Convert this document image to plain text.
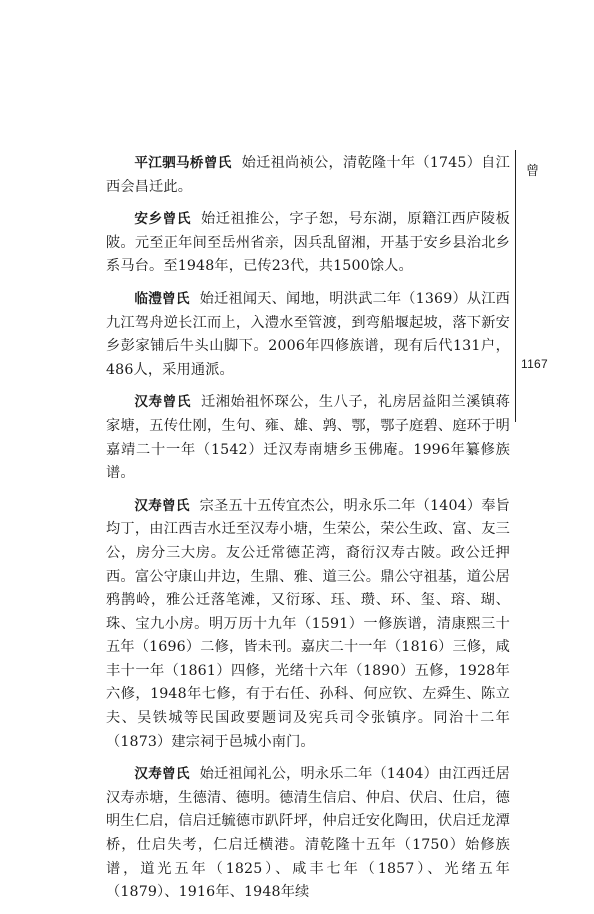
平江驷马桥曾氏 始迁祖尚祯公，清乾隆十年（1745）自江西会昌迁此。

安乡曾氏 始迁祖推公，字子恕，号东湖，原籍江西庐陵板陂。元至正年间至岳州省亲，因兵乱留湘，开基于安乡县治北乡系马台。至1948年，已传23代，共1500馀人。

临澧曾氏 始迁祖闻天、闻地，明洪武二年（1369）从江西九江驾舟逆长江而上，入澧水至管渡，到弯船堰起坡，落下新安乡彭家铺后牛头山脚下。2006年四修族谱，现有后代131户，486人，采用通派。

汉寿曾氏 迁湘始祖怀琛公，生八子，礼房居益阳兰溪镇蒋家塘，五传仕刚，生句、雍、雄、鹑、鄂，鄂子庭碧、庭环于明嘉靖二十一年（1542）迁汉寿南塘乡玉佛庵。1996年纂修族谱。

汉寿曾氏 宗圣五十五传宜杰公，明永乐二年（1404）奉旨均丁，由江西吉水迁至汉寿小塘，生荣公，荣公生政、富、友三公，房分三大房。友公迁常德芷湾，裔衍汉寿古陂。政公迁押西。富公守康山井边，生鼎、雅、道三公。鼎公守祖基，道公居鸦鹊岭，雅公迁落笔滩，又衍琢、珏、瓒、环、玺、瑢、瑚、珠、宝九小房。明万历十九年（1591）一修族谱，清康熙三十五年（1696）二修，皆未刊。嘉庆二十一年（1816）三修，咸丰十一年（1861）四修，光绪十六年（1890）五修，1928年六修，1948年七修，有于右任、孙科、何应钦、左舜生、陈立夫、吴铁城等民国政要题词及宪兵司令张镇序。同治十二年（1873）建宗祠于邑城小南门。

汉寿曾氏 始迁祖闻礼公，明永乐二年（1404）由江西迁居汉寿赤塘，生德清、德明。德清生信启、仲启、伏启、仕启，德明生仁启，信启迁毓德市趴阡坪，仲启迁安化陶田，伏启迁龙潭桥，仕启失考，仁启迁横港。清乾隆十五年（1750）始修族谱，道光五年（1825）、咸丰七年（1857）、光绪五年（1879）、1916年、1948年续

曾
1167
